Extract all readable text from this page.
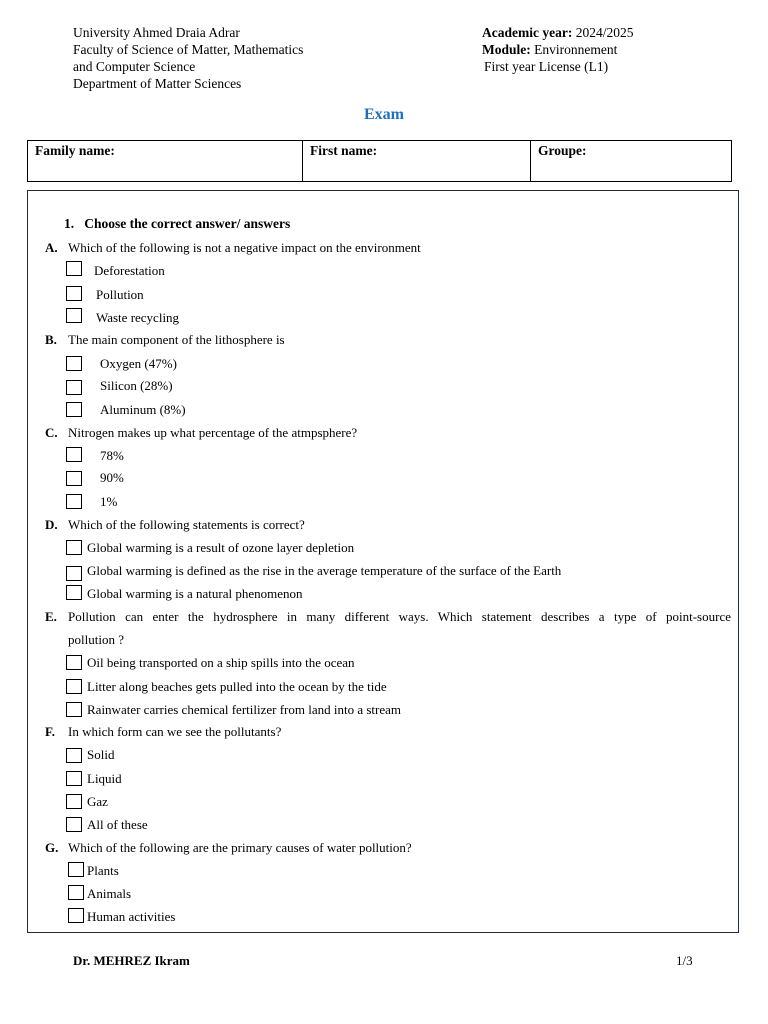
University Ahmed Draia Adrar
Faculty of Science of Matter, Mathematics
and Computer Science
Department of Matter Sciences
Academic year: 2024/2025
Module: Environnement
First year License (L1)
Exam
Family name:	First name:	Groupe:
1. Choose the correct answer/ answers
A. Which of the following is not a negative impact on the environment
Deforestation
Pollution
Waste recycling
B. The main component of the lithosphere is
Oxygen (47%)
Silicon (28%)
Aluminum (8%)
C. Nitrogen makes up what percentage of the atmpsphere?
78%
90%
1%
D. Which of the following statements is correct?
Global warming is a result of ozone layer depletion
Global warming is defined as the rise in the average temperature of the surface of the Earth
Global warming is a natural phenomenon
E. Pollution can enter the hydrosphere in many different ways. Which statement describes a type of point-source
pollution ?
Oil being transported on a ship spills into the ocean
Litter along beaches gets pulled into the ocean by the tide
Rainwater carries chemical fertilizer from land into a stream
F. In which form can we see the pollutants?
Solid
Liquid
Gaz
All of these
G. Which of the following are the primary causes of water pollution?
Plants
Animals
Human activities
Dr. MEHREZ Ikram	1/3
